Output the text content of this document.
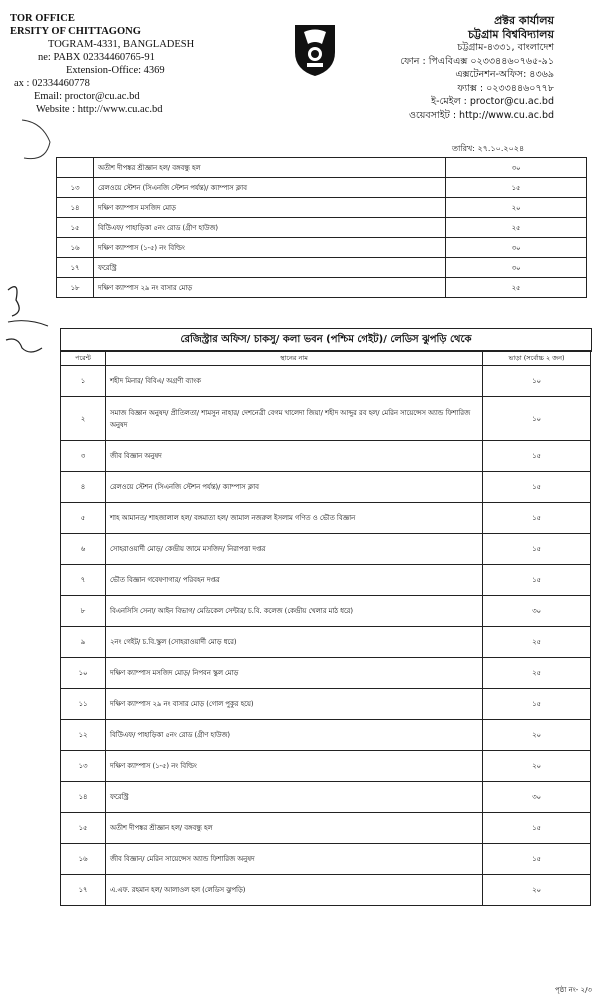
TOR OFFICE
ERSITY OF CHITTAGONG
TOGRAM-4331, BANGLADESH
ne: PABX 02334460765-91
Extension-Office: 4369
ax : 02334460778
Email: proctor@cu.ac.bd
Website : http://www.cu.ac.bd
প্রক্টর কার্যালয়
চট্টগ্রাম বিশ্ববিদ্যালয়
চট্টগ্রাম-৪৩৩১, বাংলাদেশ
ফোন : পিএবিএক্স ০২৩৩৪৪৬০৭৬৫-৯১
এক্সটেনশন-অফিস: ৪৩৬৯
ফ্যাক্স : ০২৩৩৪৪৬০৭৭৮
ই-মেইল : proctor@cu.ac.bd
ওয়েবসাইট : http://www.cu.ac.bd
তারিখ: ২৭.১০.২০২৪
	অতীশ দীপঙ্কর শ্রীজ্ঞান হল/ বঙ্গবন্ধু হল	৩০
১৩	রেলওয়ে স্টেশন (সিএনজি স্টেশন পর্যন্ত)/ ক্যাম্পাস ক্লাব	১৫
১৪	দক্ষিণ ক্যাম্পাস মসজিদ মোড়	২০
১৫	বিউিএফ/ পাহাড়িকা ৫নং রোড (গ্রীণ হাউজ)	২৫
১৬	দক্ষিণ ক্যাম্পাস (১-৫) নং বিল্ডিং	৩০
১৭	ফরেস্ট্রি	৩০
১৮	দক্ষিণ ক্যাম্পাস ২৯ নং বাসার মোড়	২৫
রেজিস্ট্রার অফিস/ চাকসু/ কলা ভবন (পশ্চিম গেইট)/ লেডিস ঝুপড়ি থেকে
পরেন্ট	স্থানের নাম	ভাড়া (সর্বোচ্চ ২ জন)
১	শহীদ মিনার/ বিবিএ/ অগ্রণী ব্যাংক	১০
২	সমাজ বিজ্ঞান অনুষদ/ প্রীতিলতা/ শামসুন নাহার/ দেশনেত্রী বেগম খালেদা জিয়া/ শহীদ আব্দুর রব হল/ মেরিন সায়েন্সেস অ্যান্ড ফিশারিজ অনুষদ	১০
৩	জীব বিজ্ঞান অনুষদ	১৫
৪	রেলওয়ে স্টেশন (সিএনজি স্টেশন পর্যন্ত)/ ক্যাম্পাস ক্লাব	১৫
৫	শাহ আমানত/ শাহজালাল হল/ বঙ্গমাতা হল/ জামাল নজরুল ইসলাম গণিত ও ভৌত বিজ্ঞান	১৫
৬	সোহরাওয়ার্দী মোড়/ কেন্দ্রীয় জামে মসজিদ/ নিরাপত্তা দপ্তর	১৫
৭	ভৌত বিজ্ঞান গবেষণাগার/ পরিবহন দপ্তর	১৫
৮	বিএনসিসি সেনা/ আইন বিভাগ/ মেডিকেল সেন্টার/ চ.বি. কলেজ (কেন্দ্রীয় খেলার মাঠ ধরে)	৩০
৯	২নং গেইট/ চ.বি.স্কুল (সোহরাওয়ার্দী মোড় ধরে)	২৫
১০	দক্ষিণ ক্যাম্পাস মসজিদ মোড়/ নিপবন স্কুল মোড়	২৫
১১	দক্ষিণ ক্যাম্পাস ২৯ নং বাসার মোড় (গোল পুকুর হয়ে)	১৫
১২	বিউিএফ/ পাহাড়িকা ৫নং রোড (গ্রীণ হাউজ)	২০
১৩	দক্ষিণ ক্যাম্পাস (১-৫) নং বিল্ডিং	২০
১৪	ফরেস্ট্রি	৩০
১৫	অতীশ দীপঙ্কর শ্রীজ্ঞান হল/ বঙ্গবন্ধু হল	১৫
১৬	জীব বিজ্ঞান/ মেরিন সায়েন্সেস অ্যান্ড ফিশারিজ অনুষদ	১৫
১৭	এ.এফ. রহমান হল/ আলাওল হল (লেডিস ঝুপড়ি)	২০
পৃষ্ঠা নং- ২/৩
